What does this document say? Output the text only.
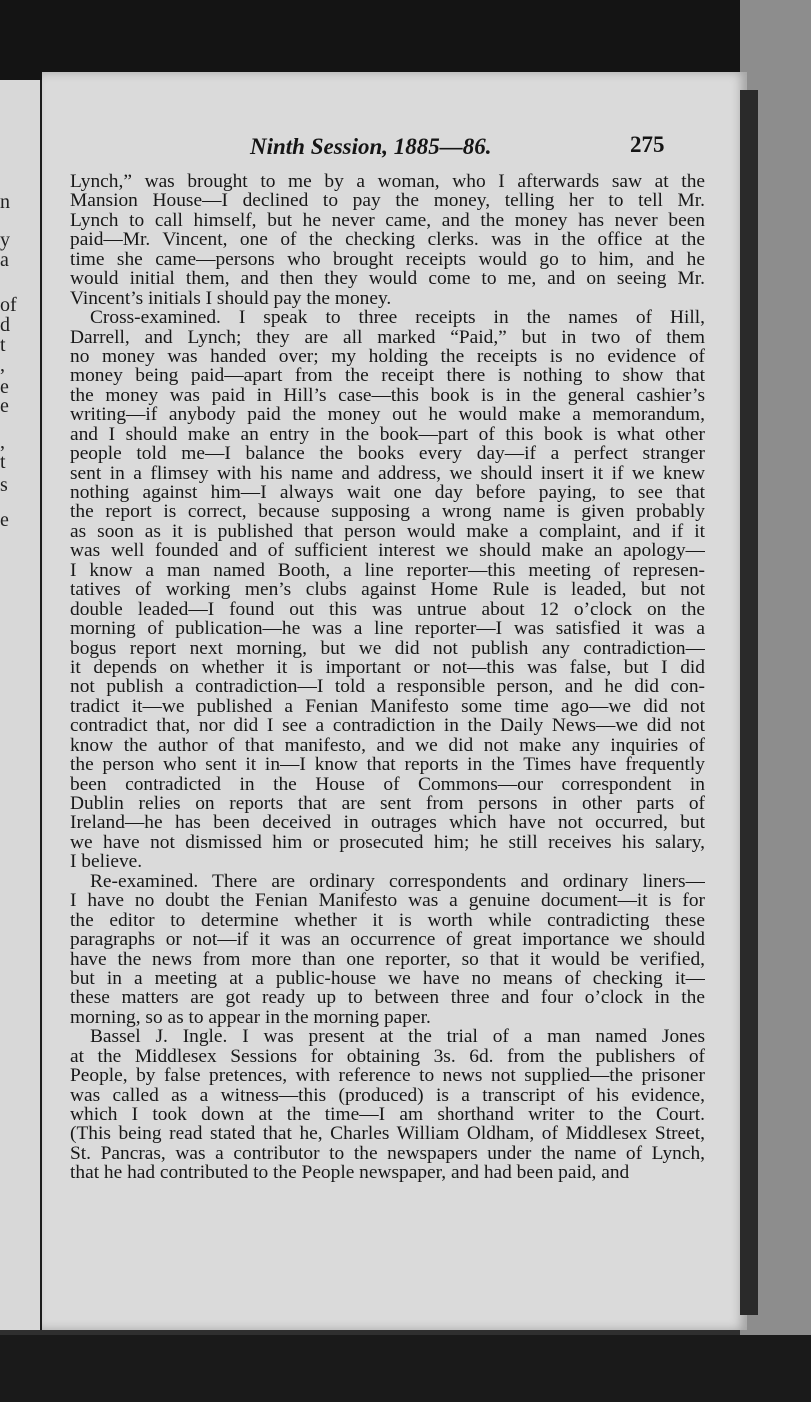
n
y
a
of
d
t
,
e
e
,
t
s
e
Ninth Session, 1885—86.	275
Lynch,” was brought to me by a woman, who I afterwards saw at the
Mansion House—I declined to pay the money, telling her to tell Mr.
Lynch to call himself, but he never came, and the money has never been
paid—Mr. Vincent, one of the checking clerks. was in the office at the
time she came—persons who brought receipts would go to him, and he
would initial them, and then they would come to me, and on seeing Mr.
Vincent’s initials I should pay the money.
Cross-examined. I speak to three receipts in the names of Hill,
Darrell, and Lynch; they are all marked “Paid,” but in two of them
no money was handed over; my holding the receipts is no evidence of
money being paid—apart from the receipt there is nothing to show that
the money was paid in Hill’s case—this book is in the general cashier’s
writing—if anybody paid the money out he would make a memorandum,
and I should make an entry in the book—part of this book is what other
people told me—I balance the books every day—if a perfect stranger
sent in a flimsey with his name and address, we should insert it if we knew
nothing against him—I always wait one day before paying, to see that
the report is correct, because supposing a wrong name is given probably
as soon as it is published that person would make a complaint, and if it
was well founded and of sufficient interest we should make an apology—
I know a man named Booth, a line reporter—this meeting of represen-
tatives of working men’s clubs against Home Rule is leaded, but not
double leaded—I found out this was untrue about 12 o’clock on the
morning of publication—he was a line reporter—I was satisfied it was a
bogus report next morning, but we did not publish any contradiction—
it depends on whether it is important or not—this was false, but I did
not publish a contradiction—I told a responsible person, and he did con-
tradict it—we published a Fenian Manifesto some time ago—we did not
contradict that, nor did I see a contradiction in the Daily News—we did not
know the author of that manifesto, and we did not make any inquiries of
the person who sent it in—I know that reports in the Times have frequently
been contradicted in the House of Commons—our correspondent in
Dublin relies on reports that are sent from persons in other parts of
Ireland—he has been deceived in outrages which have not occurred, but
we have not dismissed him or prosecuted him; he still receives his salary,
I believe.
Re-examined. There are ordinary correspondents and ordinary liners—
I have no doubt the Fenian Manifesto was a genuine document—it is for
the editor to determine whether it is worth while contradicting these
paragraphs or not—if it was an occurrence of great importance we should
have the news from more than one reporter, so that it would be verified,
but in a meeting at a public-house we have no means of checking it—
these matters are got ready up to between three and four o’clock in the
morning, so as to appear in the morning paper.
Bassel J. Ingle. I was present at the trial of a man named Jones
at the Middlesex Sessions for obtaining 3s. 6d. from the publishers of
People, by false pretences, with reference to news not supplied—the prisoner
was called as a witness—this (produced) is a transcript of his evidence,
which I took down at the time—I am shorthand writer to the Court.
(This being read stated that he, Charles William Oldham, of Middlesex Street,
St. Pancras, was a contributor to the newspapers under the name of Lynch,
that he had contributed to the People newspaper, and had been paid, and
